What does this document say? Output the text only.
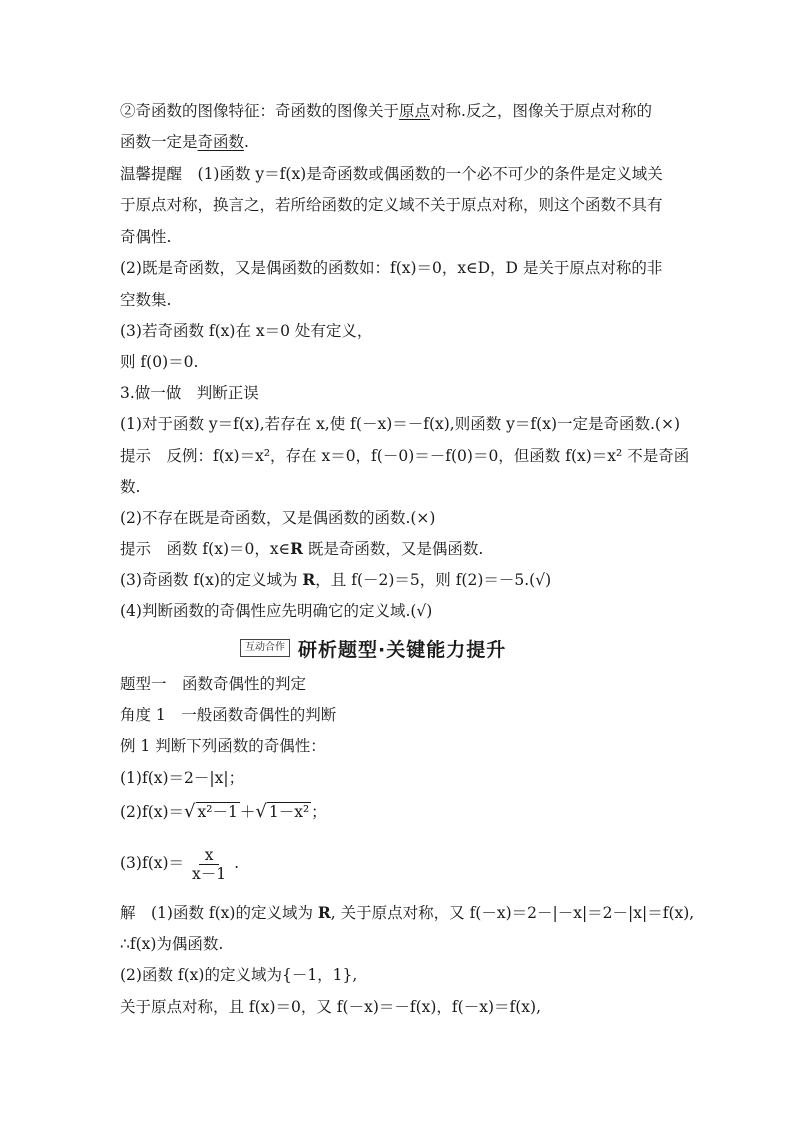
②奇函数的图像特征：奇函数的图像关于原点对称.反之，图像关于原点对称的
函数一定是奇函数.
温馨提醒　(1)函数 y＝f(x)是奇函数或偶函数的一个必不可少的条件是定义域关
于原点对称，换言之，若所给函数的定义域不关于原点对称，则这个函数不具有
奇偶性.
(2)既是奇函数，又是偶函数的函数如：f(x)＝0，x∈D，D 是关于原点对称的非
空数集.
(3)若奇函数 f(x)在 x＝0 处有定义，
则 f(0)＝0.
3.做一做　判断正误
(1)对于函数 y＝f(x),若存在 x,使 f(－x)＝－f(x),则函数 y＝f(x)一定是奇函数.(×)
提示　反例：f(x)＝x²，存在 x＝0，f(－0)＝－f(0)＝0，但函数 f(x)＝x² 不是奇函
数.
(2)不存在既是奇函数，又是偶函数的函数.(×)
提示　函数 f(x)＝0，x∈R 既是奇函数，又是偶函数.
(3)奇函数 f(x)的定义域为 R，且 f(－2)＝5，则 f(2)＝－5.(√)
(4)判断函数的奇偶性应先明确它的定义域.(√)
互动合作 研析题型·关键能力提升
题型一　函数奇偶性的判定
角度 1　一般函数奇偶性的判断
例 1 判断下列函数的奇偶性：
(1)f(x)＝2－|x|；
(2)f(x)＝√ x²－1 ＋√ 1－x² ；
$(3)f(x)= \frac{x}{x-1}$ .
解　(1)函数 f(x)的定义域为 R, 关于原点对称，又 f(－x)＝2－|－x|＝2－|x|＝f(x),
∴f(x)为偶函数.
(2)函数 f(x)的定义域为{－1，1},
关于原点对称，且 f(x)＝0，又 f(－x)＝－f(x)，f(－x)＝f(x),
